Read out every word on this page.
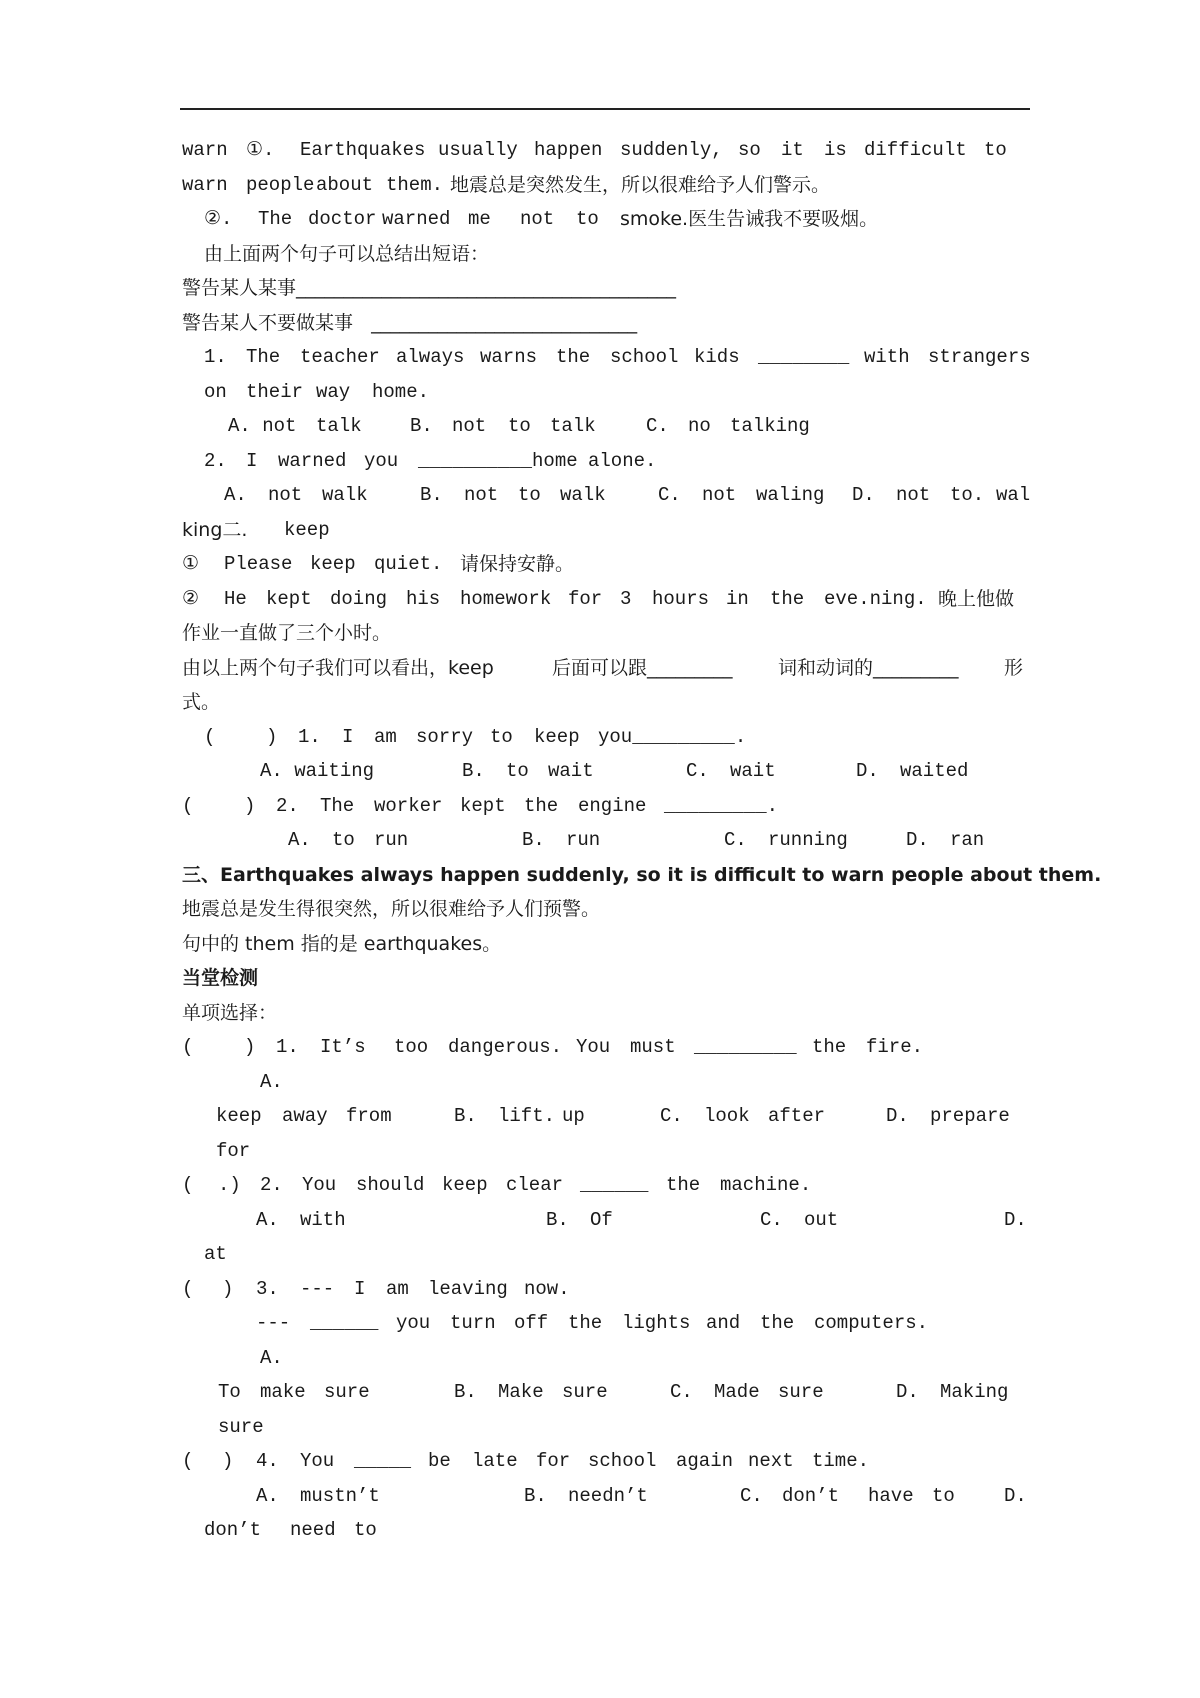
warn ①. Earthquakes usually happen suddenly, so it is difficult to
warn people about them. 地震总是突然发生，所以很难给予人们警示。
②. The doctor warned me not to smoke.医生告诫我不要吸烟。
由上面两个句子可以总结出短语：
警告某人某事________________________________________
警告某人不要做某事   ____________________________
1. The teacher always warns the school kids ________ with strangers
on their way home.
A. not talk	B. not to talk	C. no talking
2. I warned you __________home alone.
A. not walk	B. not to walk	C. not waling D. not to. wal
king二. keep
① Please keep quiet. 请保持安静。
② He kept doing his homework for 3 hours in the eve.ning. 晚上他做
作业一直做了三个小时。
由以上两个句子我们可以看出，keep	后面可以跟_________ 词和动词的_________ 形
式。
(	) 1. I am sorry to keep you_________.
A. waiting	B. to wait	C. wait	D. waited
(	) 2. The worker kept the engine _________.
A. to run	B. run	C. running	D. ran
三、Earthquakes always happen suddenly, so it is difficult to warn people about them.
地震总是发生得很突然，所以很难给予人们预警。
句中的 them 指的是 earthquakes。
当堂检测
单项选择：
(	) 1. It’s too dangerous. You must _________ the fire.
A.
keep away from	B. lift. up	C. look after	D. prepare
for
( .) 2. You should keep clear ______ the machine.
A. with	B. Of	C. out	D.
at
( ) 3. --- I am leaving now.
--- ______ you turn off the lights and the computers.
A.
To make sure	B. Make sure	C. Made sure	D. Making
sure
( ) 4. You _____ be late for school again next time.
A. mustn’t	B. needn’t	C. don’t have to	D.
don’t need to
